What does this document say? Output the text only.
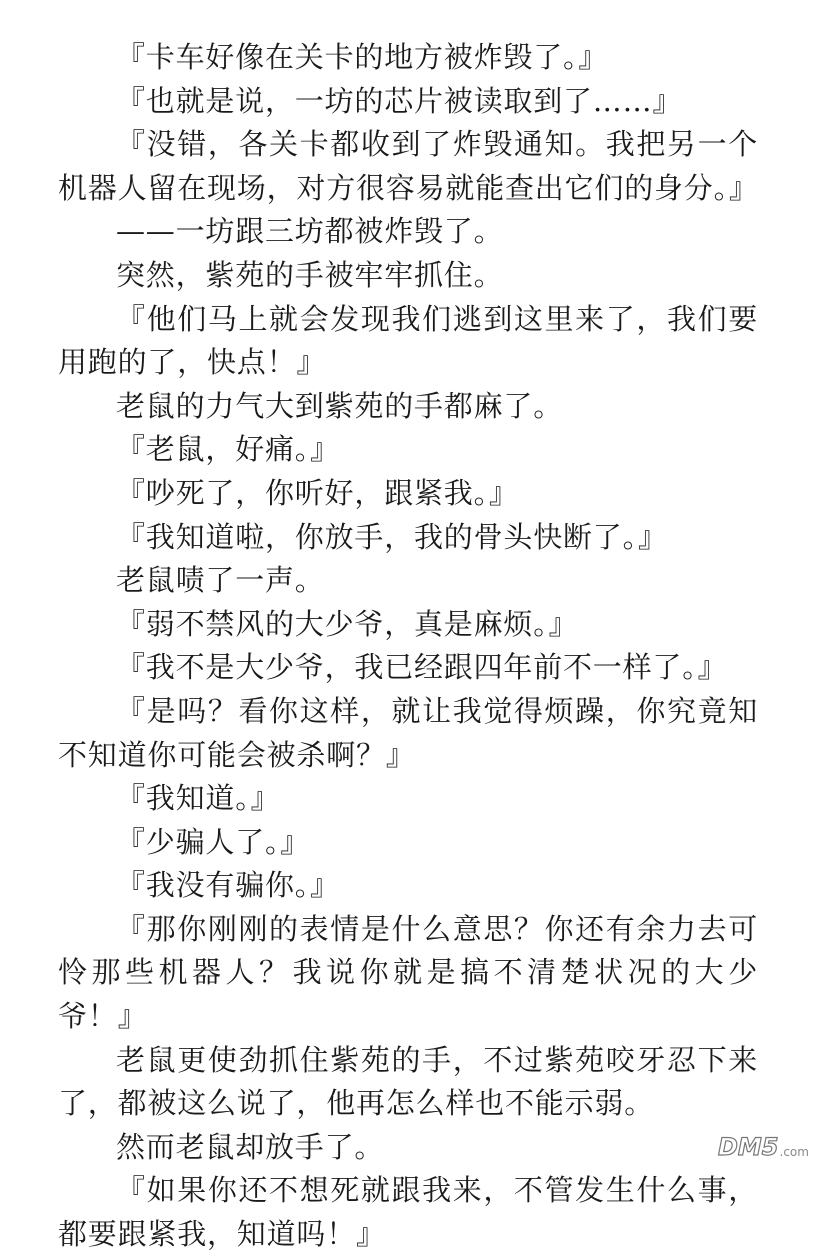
『卡车好像在关卡的地方被炸毁了。』

『也就是说，一坊的芯片被读取到了……』

『没错，各关卡都收到了炸毁通知。我把另一个机器人留在现场，对方很容易就能查出它们的身分。』

——一坊跟三坊都被炸毁了。

突然，紫苑的手被牢牢抓住。

『他们马上就会发现我们逃到这里来了，我们要用跑的了，快点！』

老鼠的力气大到紫苑的手都麻了。

『老鼠，好痛。』

『吵死了，你听好，跟紧我。』

『我知道啦，你放手，我的骨头快断了。』

老鼠啧了一声。

『弱不禁风的大少爷，真是麻烦。』

『我不是大少爷，我已经跟四年前不一样了。』

『是吗？看你这样，就让我觉得烦躁，你究竟知不知道你可能会被杀啊？』

『我知道。』

『少骗人了。』

『我没有骗你。』

『那你刚刚的表情是什么意思？你还有余力去可怜那些机器人？我说你就是搞不清楚状况的大少爷！』

老鼠更使劲抓住紫苑的手，不过紫苑咬牙忍下来了，都被这么说了，他再怎么样也不能示弱。

然而老鼠却放手了。

『如果你还不想死就跟我来，不管发生什么事，都要跟紧我，知道吗！』

DM5 .com
